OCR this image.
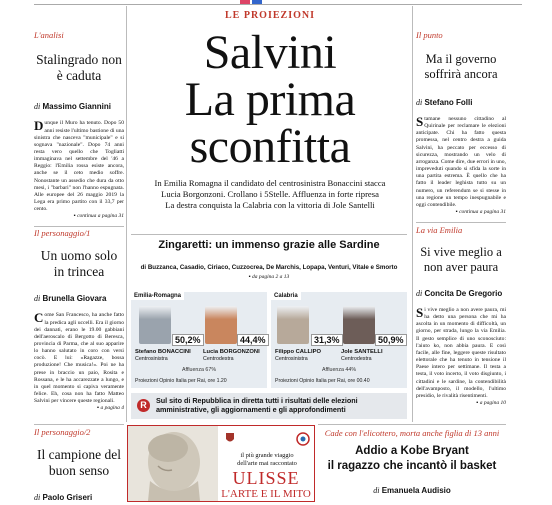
L'analisi
Stalingrado non è caduta
di Massimo Giannini
Dunque il Muro ha tenuto. Dopo 50 anni resiste l'ultimo bastione di una sinistra che nasceva "municipale" e si sognava "nazionale". Dopo 74 anni resta vero quello che Togliatti immaginava nel settembre del '46 a Reggio: l'Emilia rossa esiste ancora, anche se il ceto medio soffre. Nonostante un assedio che dura da otto mesi, i "barbari" non l'hanno espugnata. Alle europee del 26 maggio 2019 la Lega era primo partito con il 33,7 per cento.
▪ continua a pagina 31
Il personaggio/1
Un uomo solo in trincea
di Brunella Giovara
Come San Francesco, ha anche fatto la predica agli uccelli. Era il giorno dei dannati, erano le 19.00 gabbiani dell'aeroscalo di Bergotto di Beresca, provincia di Parma, che al suo apparire lo hanno salutato in coro con versi cocò. E lui: «Ragazze, bossa produzione! Che musica!». Poi ne ha prese in braccio un paio, Rosita e Rossana, e le ha accarezzate a lungo, e in quel momento si capiva veramente felice. Eh, cosa non ha fatto Matteo Salvini per vincere queste regionali.
▪ a pagina 4
Il personaggio/2
Il campione del buon senso
di Paolo Griseri
LE PROIEZIONI
Salvini
La prima
sconfitta
In Emilia Romagna il candidato del centrosinistra Bonaccini stacca
Lucia Borgonzoni. Crollano i 5Stelle. Affluenza in forte ripresa
La destra conquista la Calabria con la vittoria di Jole Santelli
Zingaretti: un immenso grazie alle Sardine
di Buzzanca, Casadio, Ciriaco, Cuzzocrea, De Marchis, Lopapa, Venturi, Vitale e Smorto
▪ da pagina 2 a 13
Emilia-Romagna
50,2%	44,4%
Stefano BONACCINI
Centrosinistra
Lucia BORGONZONI
Centrodestra
Affluenza 67%
Proiezioni Opinio Italia per Rai, ore 1.20
Calabria
31,3%	50,9%
Filippo CALLIPO
Centrosinistra
Jole SANTELLI
Centrodestra
Affluenza 44%
Proiezioni Opinio Italia per Rai, ore 00.40
R	Sul sito di Repubblica in diretta tutti i risultati delle elezioni amministrative, gli aggiornamenti e gli approfondimenti
il più grande viaggio
dell'arte mai raccontato
ULISSE
L'ARTE E IL MITO
Il punto
Ma il governo soffrirà ancora
di Stefano Folli
Stamane nessuno cittadino al Quirinale per reclamare le elezioni anticipate. Chi ha fatto questa promessa, nel centro destra a guida Salvini, ha peccato per eccesso di sicurezza, mostrando un velo di arroganza. Come dire, due errori in uno, impreveduti quando si sfida la sorte in una partita estrema. È quello che ha fatto il leader leghista tutto su un numero, un referendum se si stesse in una regione un tempo inespugnabile e oggi contendibile.
▪ continua a pagina 31
La via Emilia
Si vive meglio a non aver paura
di Concita De Gregorio
Si vive meglio a non avere paura, mi ha detto una persona che mi ha ascolta in un momento di difficoltà, un giorno, per strada, lungo la via Emilia. Il gesto semplice di uno sconosciuto: l'aiuto ko, non abbia paura. E così facile, alle fine, leggere queste risultato elettorale che ha tenuto in tensione il Paese intero per settimane. Il testa a testa, il voto incerto, il voto disgiunto, i cittadini e le sardine, la contendibilità dell'avamposto, il modello, l'ultimo presidio, le rivalità risentimenti.
▪ a pagina 10
Cade con l'elicottero, morta anche figlia di 13 anni
Addio a Kobe Bryant
il ragazzo che incantò il basket
di Emanuela Audisio
